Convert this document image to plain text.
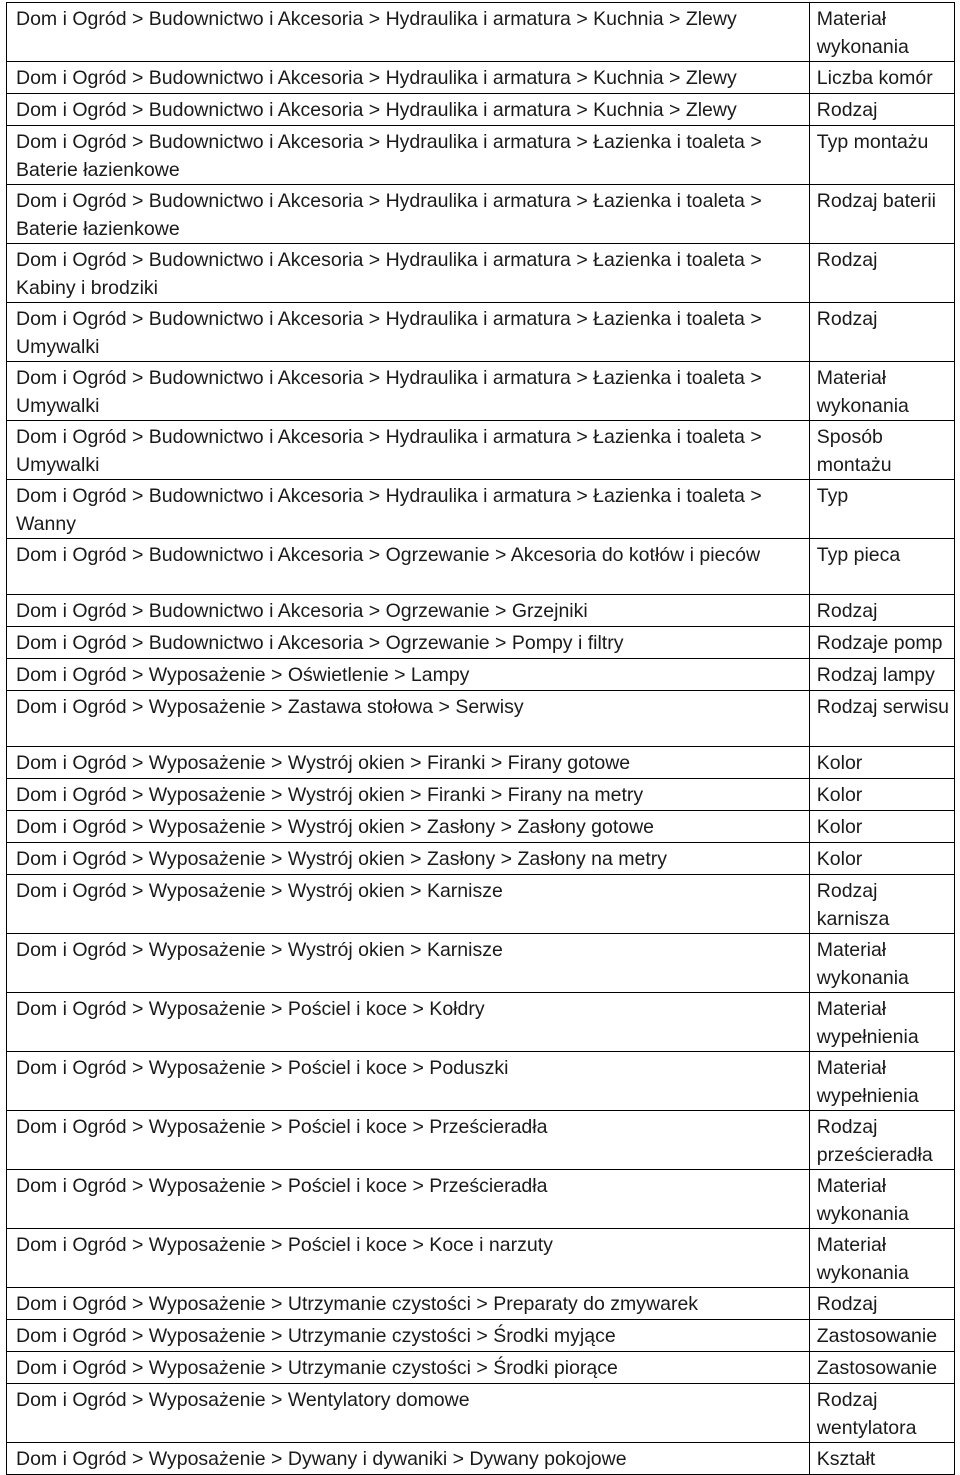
Dom i Ogród > Budownictwo i Akcesoria > Hydraulika i armatura > Kuchnia > Zlewy	Materiał wykonania
Dom i Ogród > Budownictwo i Akcesoria > Hydraulika i armatura > Kuchnia > Zlewy	Liczba komór
Dom i Ogród > Budownictwo i Akcesoria > Hydraulika i armatura > Kuchnia > Zlewy	Rodzaj
Dom i Ogród > Budownictwo i Akcesoria > Hydraulika i armatura > Łazienka i toaleta > Baterie łazienkowe	Typ montażu
Dom i Ogród > Budownictwo i Akcesoria > Hydraulika i armatura > Łazienka i toaleta > Baterie łazienkowe	Rodzaj baterii
Dom i Ogród > Budownictwo i Akcesoria > Hydraulika i armatura > Łazienka i toaleta > Kabiny i brodziki	Rodzaj
Dom i Ogród > Budownictwo i Akcesoria > Hydraulika i armatura > Łazienka i toaleta > Umywalki	Rodzaj
Dom i Ogród > Budownictwo i Akcesoria > Hydraulika i armatura > Łazienka i toaleta > Umywalki	Materiał wykonania
Dom i Ogród > Budownictwo i Akcesoria > Hydraulika i armatura > Łazienka i toaleta > Umywalki	Sposób montażu
Dom i Ogród > Budownictwo i Akcesoria > Hydraulika i armatura > Łazienka i toaleta > Wanny	Typ
Dom i Ogród > Budownictwo i Akcesoria > Ogrzewanie > Akcesoria do kotłów i pieców	Typ pieca
Dom i Ogród > Budownictwo i Akcesoria > Ogrzewanie > Grzejniki	Rodzaj
Dom i Ogród > Budownictwo i Akcesoria > Ogrzewanie > Pompy i filtry	Rodzaje pomp
Dom i Ogród > Wyposażenie > Oświetlenie > Lampy	Rodzaj lampy
Dom i Ogród > Wyposażenie > Zastawa stołowa > Serwisy	Rodzaj serwisu
Dom i Ogród > Wyposażenie > Wystrój okien > Firanki > Firany gotowe	Kolor
Dom i Ogród > Wyposażenie > Wystrój okien > Firanki > Firany na metry	Kolor
Dom i Ogród > Wyposażenie > Wystrój okien > Zasłony > Zasłony gotowe	Kolor
Dom i Ogród > Wyposażenie > Wystrój okien > Zasłony > Zasłony na metry	Kolor
Dom i Ogród > Wyposażenie > Wystrój okien > Karnisze	Rodzaj karnisza
Dom i Ogród > Wyposażenie > Wystrój okien > Karnisze	Materiał wykonania
Dom i Ogród > Wyposażenie > Pościel i koce > Kołdry	Materiał wypełnienia
Dom i Ogród > Wyposażenie > Pościel i koce > Poduszki	Materiał wypełnienia
Dom i Ogród > Wyposażenie > Pościel i koce > Prześcieradła	Rodzaj prześcieradła
Dom i Ogród > Wyposażenie > Pościel i koce > Prześcieradła	Materiał wykonania
Dom i Ogród > Wyposażenie > Pościel i koce > Koce i narzuty	Materiał wykonania
Dom i Ogród > Wyposażenie > Utrzymanie czystości > Preparaty do zmywarek	Rodzaj
Dom i Ogród > Wyposażenie > Utrzymanie czystości > Środki myjące	Zastosowanie
Dom i Ogród > Wyposażenie > Utrzymanie czystości > Środki piorące	Zastosowanie
Dom i Ogród > Wyposażenie > Wentylatory domowe	Rodzaj wentylatora
Dom i Ogród > Wyposażenie > Dywany i dywaniki > Dywany pokojowe	Kształt
